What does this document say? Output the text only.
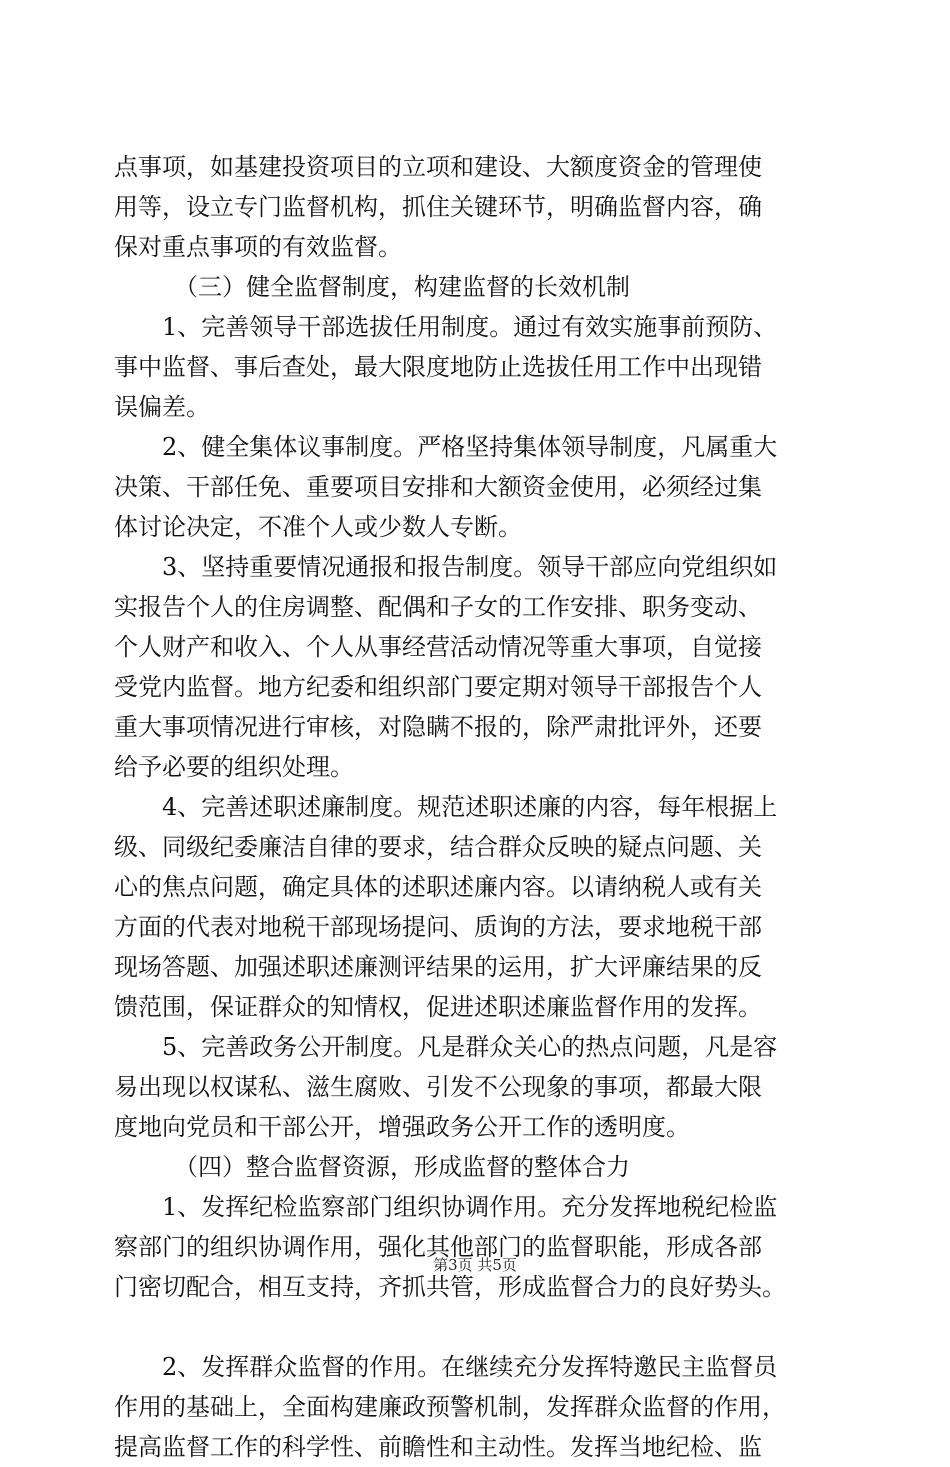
点事项，如基建投资项目的立项和建设、大额度资金的管理使
用等，设立专门监督机构，抓住关键环节，明确监督内容，确
保对重点事项的有效监督。
（三）健全监督制度，构建监督的长效机制
1、完善领导干部选拔任用制度。通过有效实施事前预防、
事中监督、事后查处，最大限度地防止选拔任用工作中出现错
误偏差。
2、健全集体议事制度。严格坚持集体领导制度，凡属重大
决策、干部任免、重要项目安排和大额资金使用，必须经过集
体讨论决定，不准个人或少数人专断。
3、坚持重要情况通报和报告制度。领导干部应向党组织如
实报告个人的住房调整、配偶和子女的工作安排、职务变动、
个人财产和收入、个人从事经营活动情况等重大事项，自觉接
受党内监督。地方纪委和组织部门要定期对领导干部报告个人
重大事项情况进行审核，对隐瞒不报的，除严肃批评外，还要
给予必要的组织处理。
4、完善述职述廉制度。规范述职述廉的内容，每年根据上
级、同级纪委廉洁自律的要求，结合群众反映的疑点问题、关
心的焦点问题，确定具体的述职述廉内容。以请纳税人或有关
方面的代表对地税干部现场提问、质询的方法，要求地税干部
现场答题、加强述职述廉测评结果的运用，扩大评廉结果的反
馈范围，保证群众的知情权，促进述职述廉监督作用的发挥。
5、完善政务公开制度。凡是群众关心的热点问题，凡是容
易出现以权谋私、滋生腐败、引发不公现象的事项，都最大限
度地向党员和干部公开，增强政务公开工作的透明度。
（四）整合监督资源，形成监督的整体合力
1、发挥纪检监察部门组织协调作用。充分发挥地税纪检监
察部门的组织协调作用，强化其他部门的监督职能，形成各部
门密切配合，相互支持，齐抓共管，形成监督合力的良好势头。
2、发挥群众监督的作用。在继续充分发挥特邀民主监督员
作用的基础上，全面构建廉政预警机制，发挥群众监督的作用，
提高监督工作的科学性、前瞻性和主动性。发挥当地纪检、监
第3页 共5页
